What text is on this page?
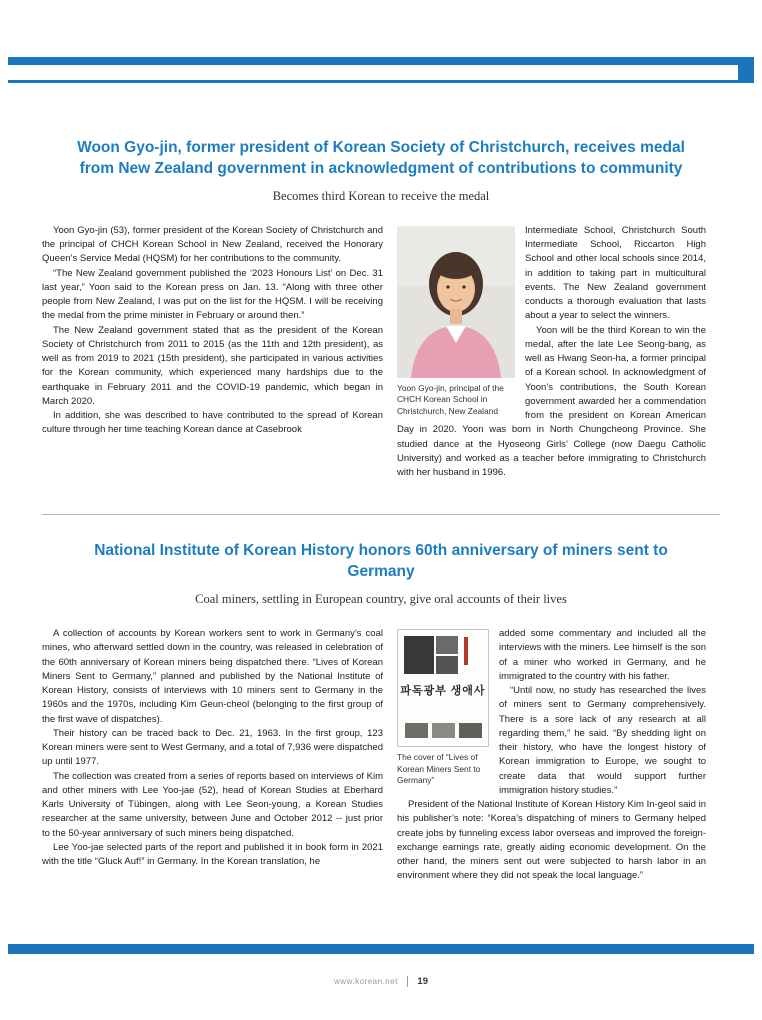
Woon Gyo-jin, former president of Korean Society of Christchurch, receives medal from New Zealand government in acknowledgment of contributions to community
Becomes third Korean to receive the medal

Yoon Gyo-jin (53), former president of the Korean Society of Christchurch and the principal of CHCH Korean School in New Zealand, received the Honorary Queen’s Service Medal (HQSM) for her contributions to the community.

“The New Zealand government published the ‘2023 Honours List’ on Dec. 31 last year,” Yoon said to the Korean press on Jan. 13. “Along with three other people from New Zealand, I was put on the list for the HQSM. I will be receiving the medal from the prime minister in February or around then.”

The New Zealand government stated that as the president of the Korean Society of Christchurch from 2011 to 2015 (as the 11th and 12th president), as well as from 2019 to 2021 (15th president), she participated in various activities for the Korean community, which experienced many hardships due to the earthquake in February 2011 and the COVID-19 pandemic, which began in March 2020.

In addition, she was described to have contributed to the spread of Korean culture through her time teaching Korean dance at Casebrook

Yoon Gyo-jin, principal of the CHCH Korean School in Christchurch, New Zealand

Intermediate School, Christchurch South Intermediate School, Riccarton High School and other local schools since 2014, in addition to taking part in multicultural events. The New Zealand government conducts a thorough evaluation that lasts about a year to select the winners.

Yoon will be the third Korean to win the medal, after the late Lee Seong-bang, as well as Hwang Seon-ha, a former principal of a Korean school. In acknowledgment of Yoon’s contributions, the South Korean government awarded her a commendation from the president on Korean American Day in 2020. Yoon was born in North Chungcheong Province. She studied dance at the Hyoseong Girls’ College (now Daegu Catholic University) and worked as a teacher before immigrating to Christchurch with her husband in 1996.

National Institute of Korean History honors 60th anniversary of miners sent to Germany
Coal miners, settling in European country, give oral accounts of their lives

A collection of accounts by Korean workers sent to work in Germany’s coal mines, who afterward settled down in the country, was released in celebration of the 60th anniversary of Korean miners being dispatched there. “Lives of Korean Miners Sent to Germany,” planned and published by the National Institute of Korean History, consists of interviews with 10 miners sent to Germany in the 1960s and the 1970s, including Kim Geun-cheol (belonging to the first group of the first wave of dispatches).

Their history can be traced back to Dec. 21, 1963. In the first group, 123 Korean miners were sent to West Germany, and a total of 7,936 were dispatched up until 1977.

The collection was created from a series of reports based on interviews of Kim and other miners with Lee Yoo-jae (52), head of Korean Studies at Eberhard Karls University of Tübingen, along with Lee Seon-young, a Korean Studies researcher at the same university, between June and October 2012 -- just prior to the 50-year anniversary of such miners being dispatched.

Lee Yoo-jae selected parts of the report and published it in book form in 2021 with the title “Gluck Auf!” in Germany. In the Korean translation, he

파독광부 생애사
The cover of “Lives of Korean Miners Sent to Germany”

added some commentary and included all the interviews with the miners. Lee himself is the son of a miner who worked in Germany, and he immigrated to the country with his father.

“Until now, no study has researched the lives of miners sent to Germany comprehensively. There is a sore lack of any research at all regarding them,” he said. “By shedding light on their history, who have the longest history of Korean immigration to Europe, we sought to create data that would support further immigration history studies.”

President of the National Institute of Korean History Kim In-geol said in his publisher’s note: “Korea’s dispatching of miners to Germany helped create jobs by funneling excess labor overseas and improved the foreign-exchange earnings rate, greatly aiding economic development. On the other hand, the miners sent out were subjected to harsh labor in an environment where they did not speak the local language.”

www.korean.net 19
